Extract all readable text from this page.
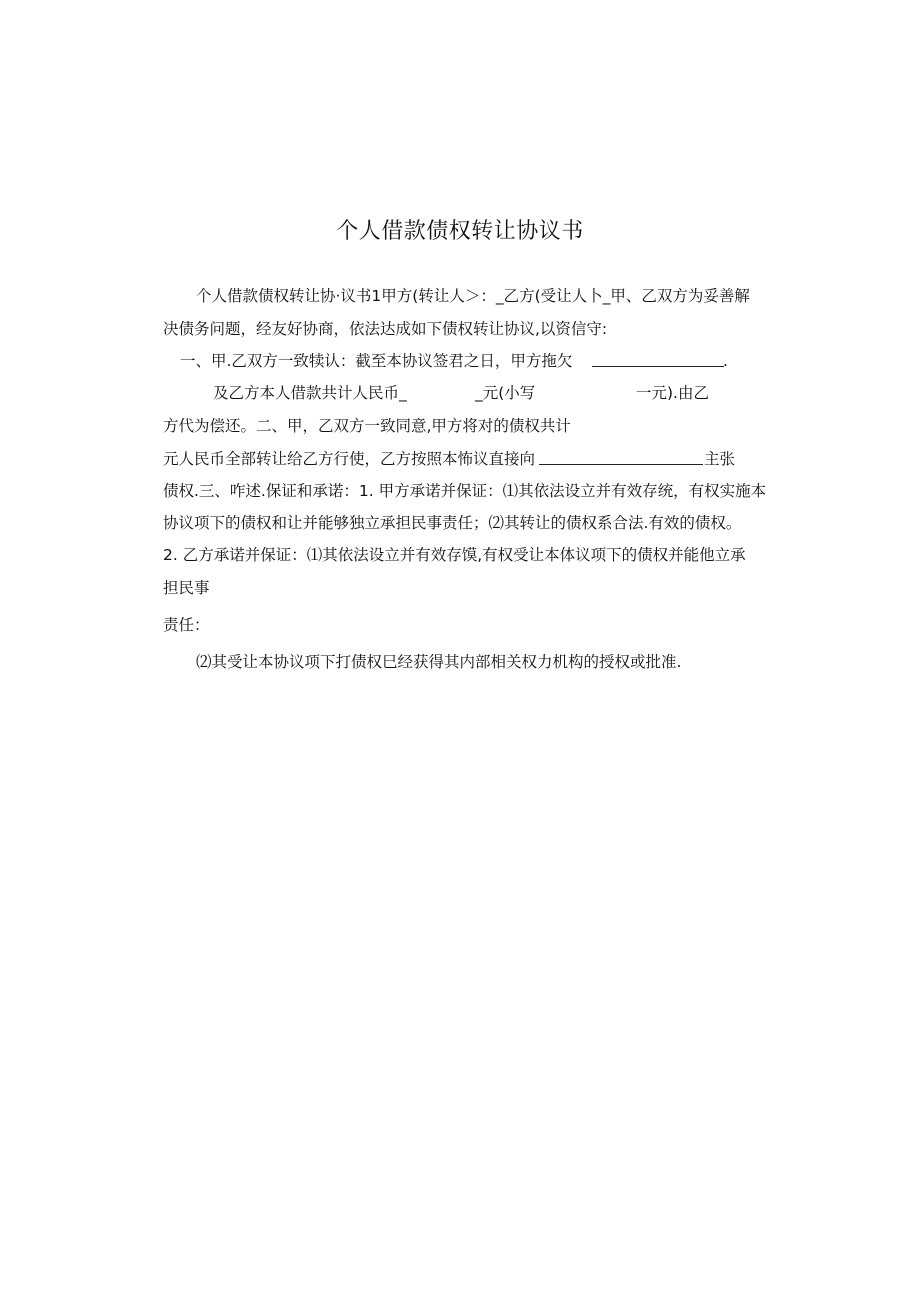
个人借款债权转让协议书
个人借款债权转让协·议书1甲方(转让人＞：_乙方(受让人卜_甲、乙双方为妥善解
决债务问题，经友好协商，依法达成如下债权转让协议,以资信守:
一、甲.乙双方一致犊认：截至本协议签君之日，甲方拖欠	.
及乙方本人借款共计人民币_	_元(小写	一元).由乙
方代为偿还。二、甲，乙双方一致同意,甲方将对的债权共计
元人民币全部转让给乙方行使，乙方按照本怖议直接向	主张
债权.三、咋述.保证和承诺：1. 甲方承诺并保证：⑴其依法设立并有效存统，有权实施本
协议项下的债权和让并能够独立承担民事责任；⑵其转让的债权系合法.有效的债权。
2. 乙方承诺并保证：⑴其依法设立并有效存馍,有权受让本体议项下的债权并能他立承
担民事
责任：
⑵其受让本协议项下打债权巳经获得其内部相关权力机构的授权或批准.
